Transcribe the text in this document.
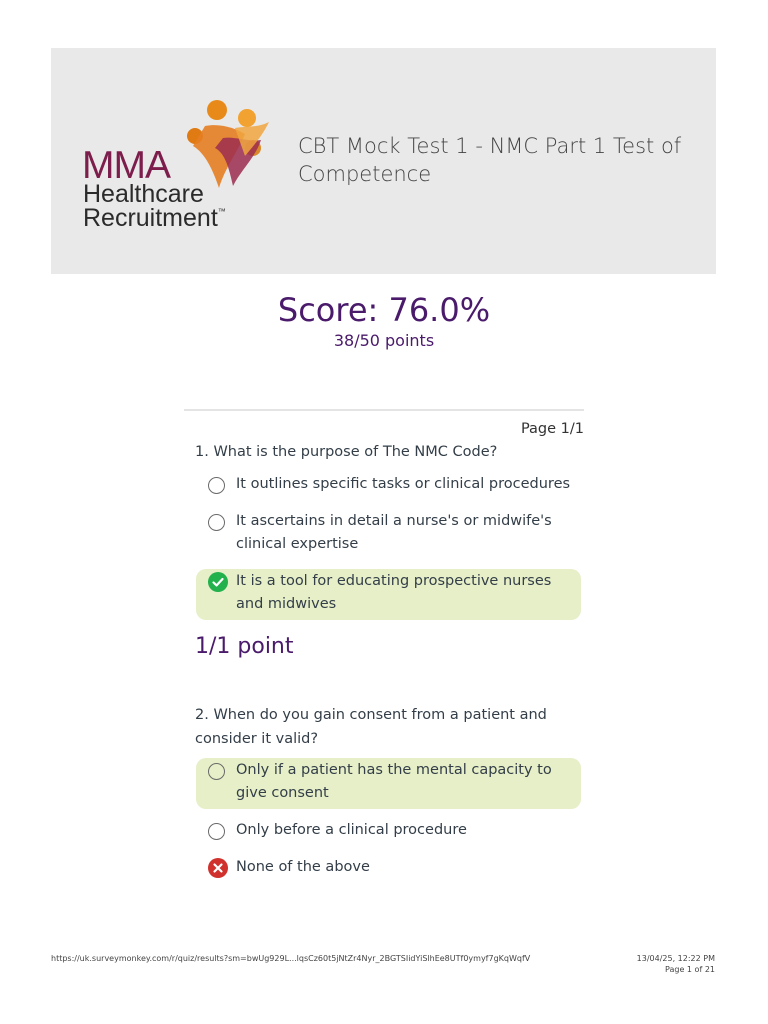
MMA
Healthcare
Recruitment™
CBT Mock Test 1 - NMC Part 1 Test of Competence
Score: 76.0%
38/50 points
Page 1/1
1. What is the purpose of The NMC Code?
It outlines specific tasks or clinical procedures
It ascertains in detail a nurse's or midwife's clinical expertise
It is a tool for educating prospective nurses and midwives
1/1 point
2. When do you gain consent from a patient and consider it valid?
Only if a patient has the mental capacity to give consent
Only before a clinical procedure
None of the above
https://uk.surveymonkey.com/r/quiz/results?sm=bwUg929L...lqsCz60t5jNtZr4Nyr_2BGTSIidYiSlhEe8UTf0ymyf7gKqWqfV	13/04/25, 12:22 PM
Page 1 of 21
